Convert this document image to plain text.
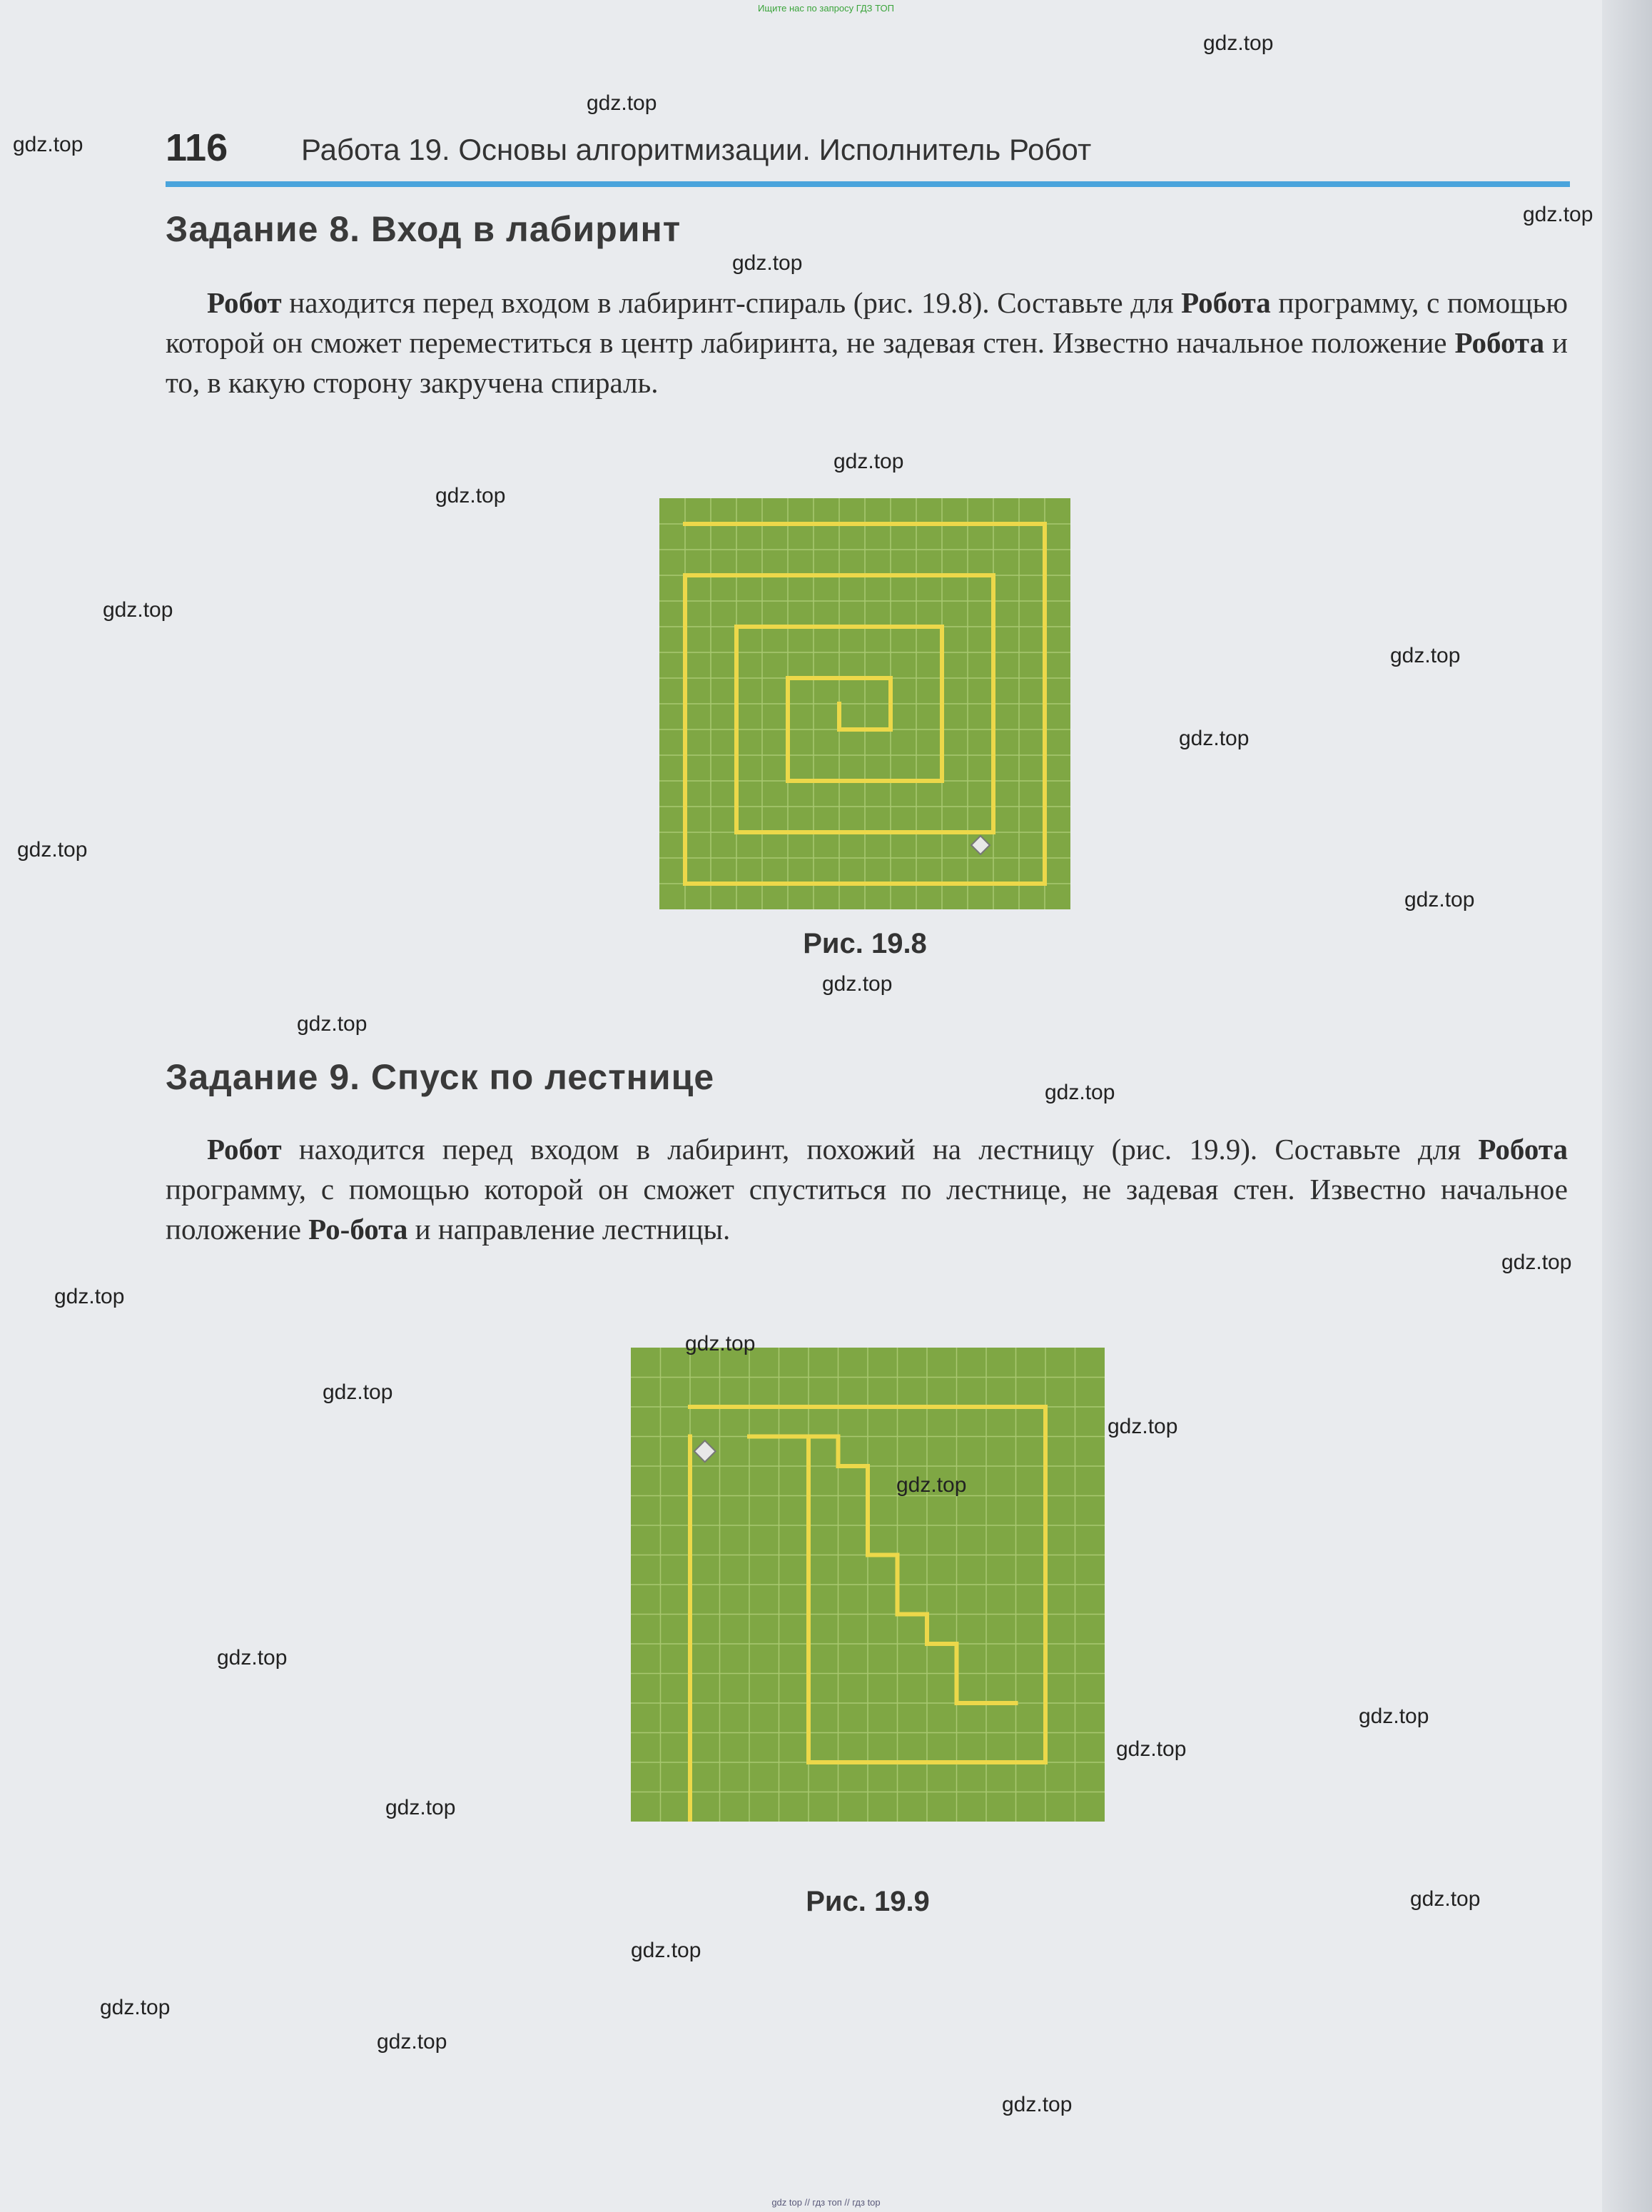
Ищите нас по запросу ГДЗ ТОП
116 Работа 19. Основы алгоритмизации. Исполнитель Робот
Задание 8. Вход в лабиринт

Робот находится перед входом в лабиринт-спираль (рис. 19.8). Составьте для Робота программу, с помощью которой он сможет переместиться в центр лабиринта, не задевая стен. Известно начальное положение Робота и то, в какую сторону закручена спираль.

Рис. 19.8
Задание 9. Спуск по лестнице

Робот находится перед входом в лабиринт, похожий на лестницу (рис. 19.9). Составьте для Робота программу, с помощью которой он сможет спуститься по лестнице, не задевая стен. Известно начальное положение Ро-бота и направление лестницы.

Рис. 19.9
gdz.top
gdz.top
gdz.top
gdz.top
gdz.top
gdz.top
gdz.top
gdz.top
gdz.top
gdz.top
gdz.top
gdz.top
gdz.top
gdz.top
gdz.top
gdz.top
gdz.top
gdz.top
gdz.top
gdz.top
gdz.top
gdz.top
gdz.top
gdz.top
gdz.top
gdz.top
gdz.top
gdz.top
gdz.top
gdz.top
gdz top // гдз топ // гдз top
